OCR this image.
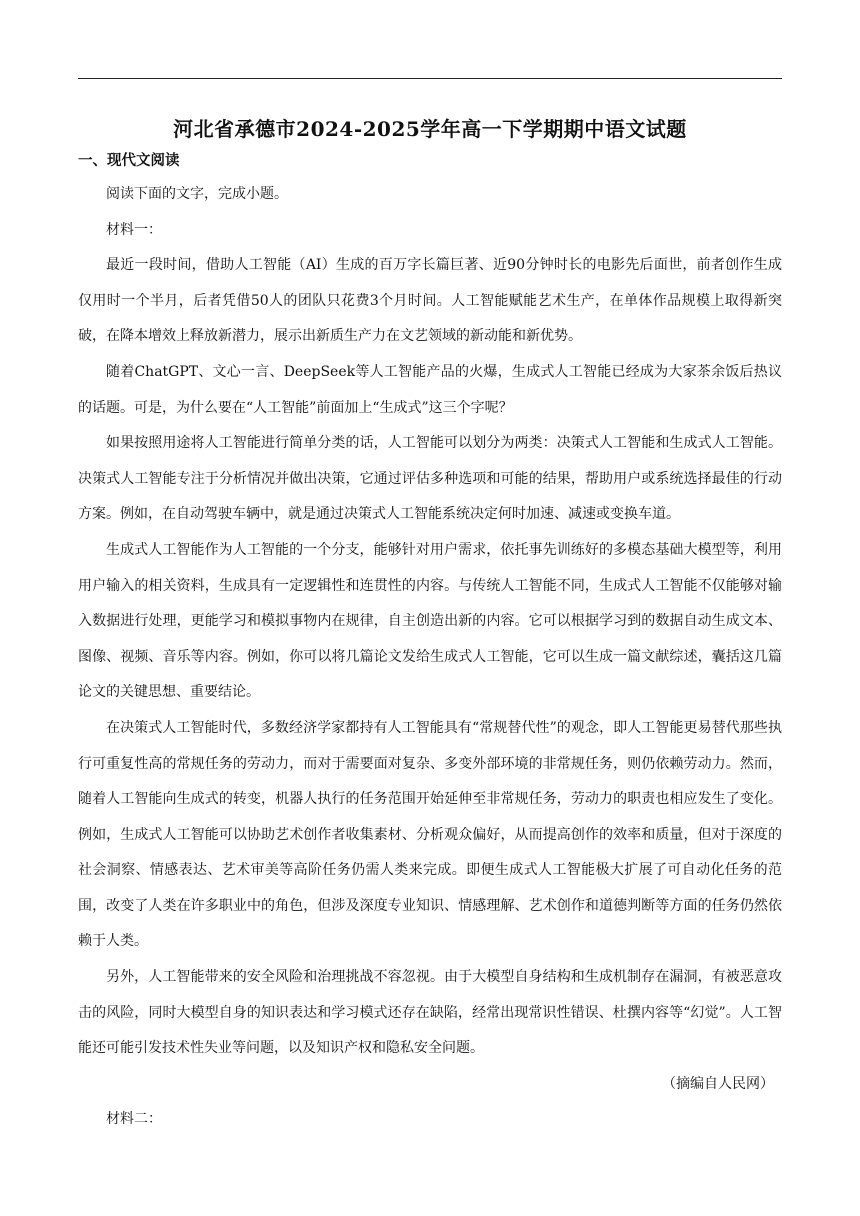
河北省承德市2024-2025学年高一下学期期中语文试题
一、现代文阅读

阅读下面的文字，完成小题。

材料一：

最近一段时间，借助人工智能（AI）生成的百万字长篇巨著、近90分钟时长的电影先后面世，前者创作生成仅用时一个半月，后者凭借50人的团队只花费3个月时间。人工智能赋能艺术生产，在单体作品规模上取得新突破，在降本增效上释放新潜力，展示出新质生产力在文艺领域的新动能和新优势。

随着ChatGPT、文心一言、DeepSeek等人工智能产品的火爆，生成式人工智能已经成为大家茶余饭后热议的话题。可是，为什么要在“人工智能”前面加上“生成式”这三个字呢？

如果按照用途将人工智能进行简单分类的话，人工智能可以划分为两类：决策式人工智能和生成式人工智能。决策式人工智能专注于分析情况并做出决策，它通过评估多种选项和可能的结果，帮助用户或系统选择最佳的行动方案。例如，在自动驾驶车辆中，就是通过决策式人工智能系统决定何时加速、减速或变换车道。

生成式人工智能作为人工智能的一个分支，能够针对用户需求，依托事先训练好的多模态基础大模型等，利用用户输入的相关资料，生成具有一定逻辑性和连贯性的内容。与传统人工智能不同，生成式人工智能不仅能够对输入数据进行处理，更能学习和模拟事物内在规律，自主创造出新的内容。它可以根据学习到的数据自动生成文本、图像、视频、音乐等内容。例如，你可以将几篇论文发给生成式人工智能，它可以生成一篇文献综述，囊括这几篇论文的关键思想、重要结论。

在决策式人工智能时代，多数经济学家都持有人工智能具有“常规替代性”的观念，即人工智能更易替代那些执行可重复性高的常规任务的劳动力，而对于需要面对复杂、多变外部环境的非常规任务，则仍依赖劳动力。然而，随着人工智能向生成式的转变，机器人执行的任务范围开始延伸至非常规任务，劳动力的职责也相应发生了变化。例如，生成式人工智能可以协助艺术创作者收集素材、分析观众偏好，从而提高创作的效率和质量，但对于深度的社会洞察、情感表达、艺术审美等高阶任务仍需人类来完成。即便生成式人工智能极大扩展了可自动化任务的范围，改变了人类在许多职业中的角色，但涉及深度专业知识、情感理解、艺术创作和道德判断等方面的任务仍然依赖于人类。

另外，人工智能带来的安全风险和治理挑战不容忽视。由于大模型自身结构和生成机制存在漏洞，有被恶意攻击的风险，同时大模型自身的知识表达和学习模式还存在缺陷，经常出现常识性错误、杜撰内容等“幻觉”。人工智能还可能引发技术性失业等问题，以及知识产权和隐私安全问题。

（摘编自人民网）

材料二：
